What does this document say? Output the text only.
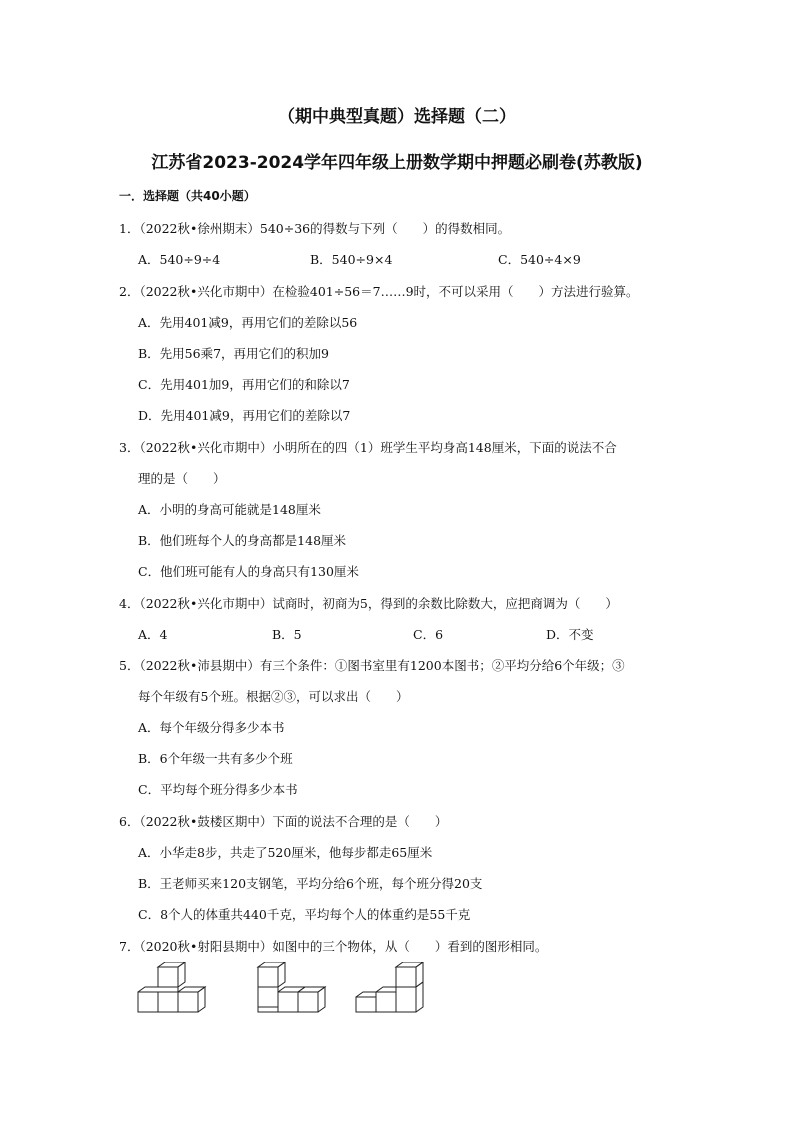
（期中典型真题）选择题（二）
江苏省2023-2024学年四年级上册数学期中押题必刷卷(苏教版)
一．选择题（共40小题）
1．（2022秋•徐州期末）540÷36的得数与下列（　　）的得数相同。
A．540÷9÷4	B．540÷9×4	C．540÷4×9
2．（2022秋•兴化市期中）在检验401÷56＝7……9时，不可以采用（　　）方法进行验算。
A．先用401减9，再用它们的差除以56
B．先用56乘7，再用它们的积加9
C．先用401加9，再用它们的和除以7
D．先用401减9，再用它们的差除以7
3．（2022秋•兴化市期中）小明所在的四（1）班学生平均身高148厘米，下面的说法不合
理的是（　　）
A．小明的身高可能就是148厘米
B．他们班每个人的身高都是148厘米
C．他们班可能有人的身高只有130厘米
4．（2022秋•兴化市期中）试商时，初商为5，得到的余数比除数大，应把商调为（　　）
A．4	B．5	C．6	D．不变
5．（2022秋•沛县期中）有三个条件：①图书室里有1200本图书；②平均分给6个年级；③
每个年级有5个班。根据②③，可以求出（　　）
A．每个年级分得多少本书
B．6个年级一共有多少个班
C．平均每个班分得多少本书
6．（2022秋•鼓楼区期中）下面的说法不合理的是（　　）
A．小华走8步，共走了520厘米，他每步都走65厘米
B．王老师买来120支钢笔，平均分给6个班，每个班分得20支
C．8个人的体重共440千克，平均每个人的体重约是55千克
7．（2020秋•射阳县期中）如图中的三个物体，从（　　）看到的图形相同。
